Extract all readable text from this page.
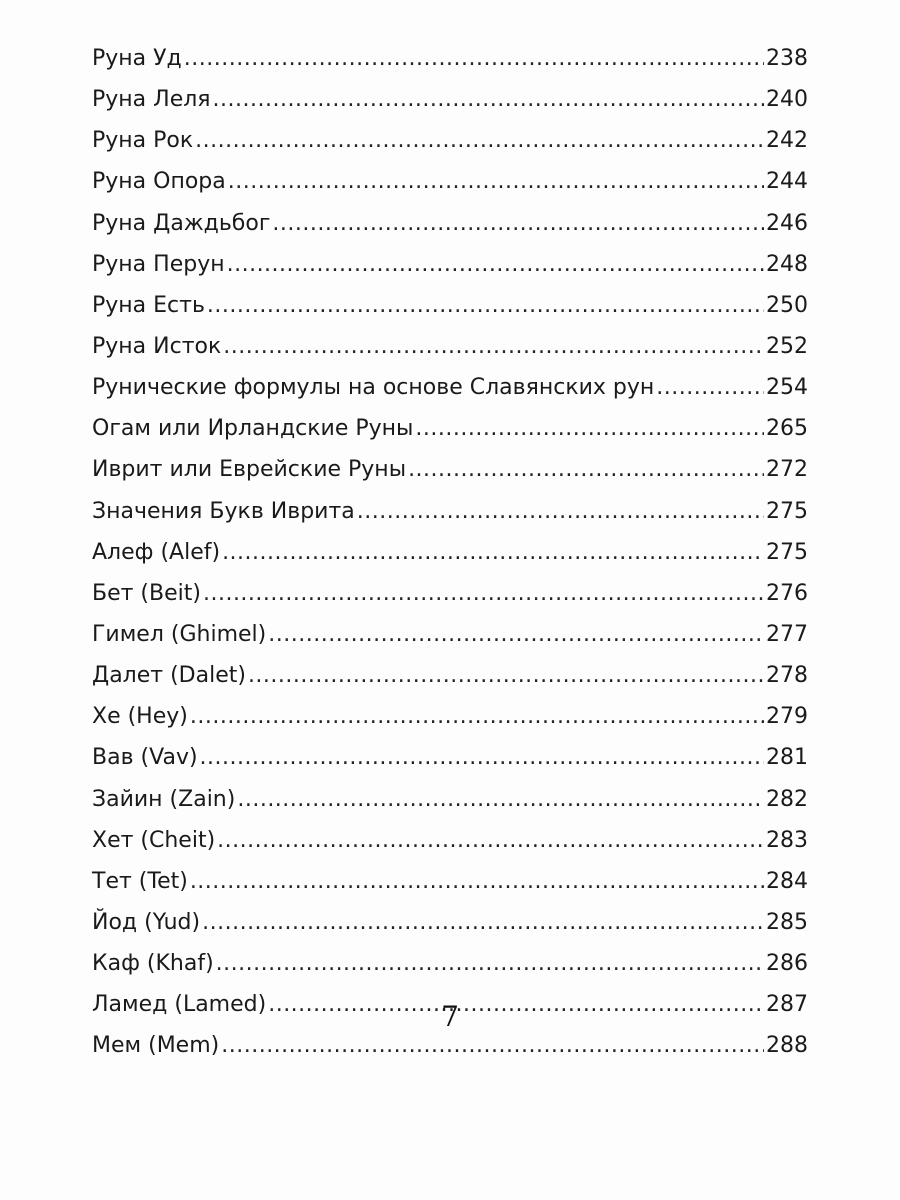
Руна Уд .....	238
Руна Леля .....	240
Руна Рок .....	242
Руна Опора .....	244
Руна Даждьбог .....	246
Руна Перун .....	248
Руна Есть .....	250
Руна Исток .....	252
Рунические формулы на основе Славянских рун .....	254
Огам или Ирландские Руны .....	265
Иврит или Еврейские Руны .....	272
Значения Букв Иврита .....	275
Алеф (Alef) .....	275
Бет (Beit) .....	276
Гимел (Ghimel) .....	277
Далет (Dalet) .....	278
Хе (Hey) .....	279
Вав (Vav) .....	281
Зайин (Zain) .....	282
Хет (Cheit) .....	283
Тет (Tet) .....	284
Йод (Yud) .....	285
Каф (Khaf) .....	286
Ламед (Lamed) .....	287
Мем (Mem) .....	288
7
